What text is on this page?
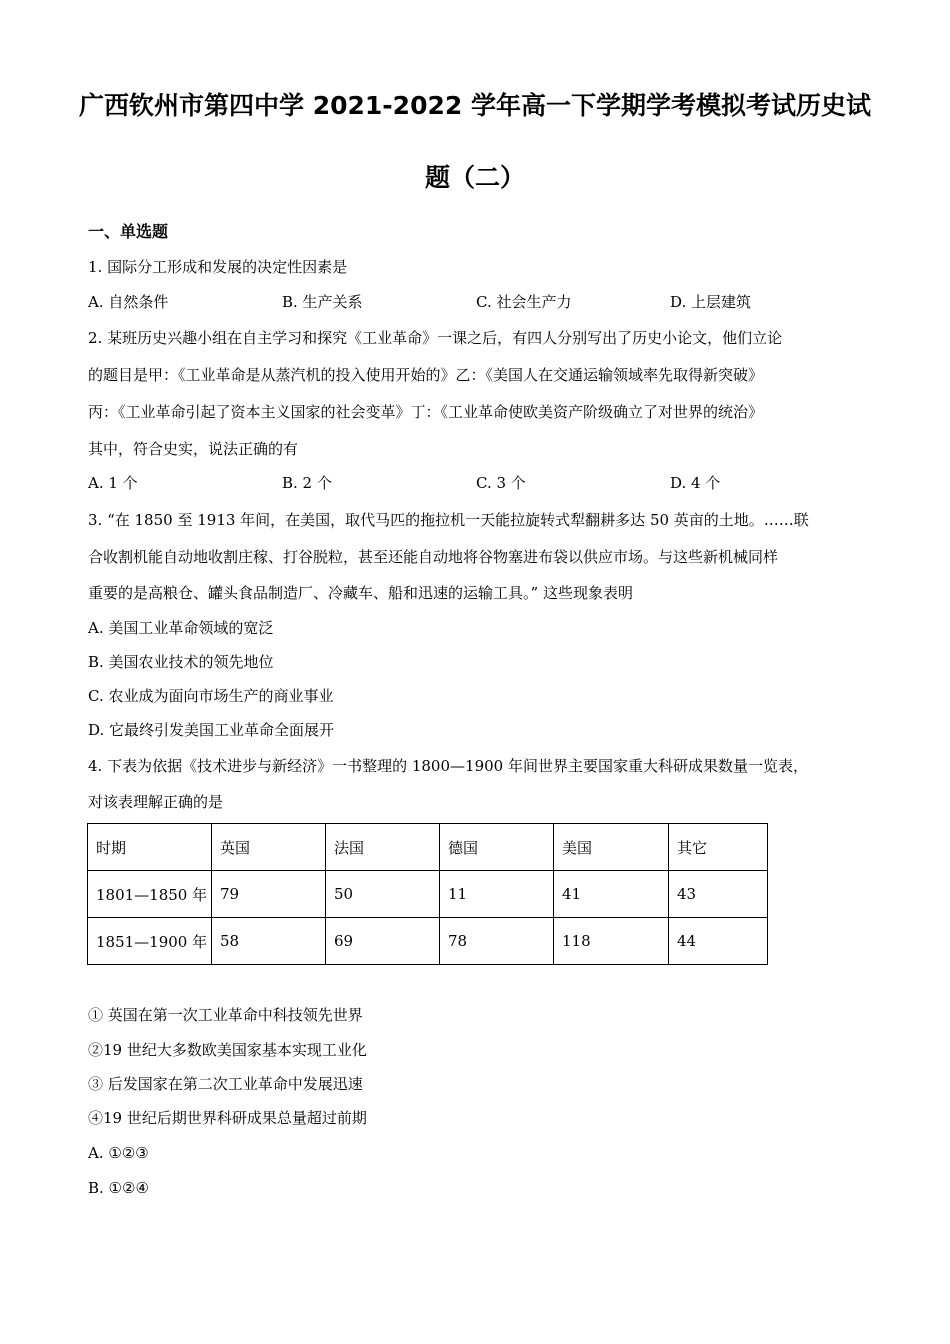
广西钦州市第四中学 2021-2022 学年高一下学期学考模拟考试历史试
题（二）
一、单选题
1. 国际分工形成和发展的决定性因素是
A. 自然条件	B. 生产关系	C. 社会生产力	D. 上层建筑
2. 某班历史兴趣小组在自主学习和探究《工业革命》一课之后，有四人分别写出了历史小论文，他们立论
的题目是甲：《工业革命是从蒸汽机的投入使用开始的》乙：《美国人在交通运输领域率先取得新突破》
丙：《工业革命引起了资本主义国家的社会变革》丁：《工业革命使欧美资产阶级确立了对世界的统治》
其中，符合史实，说法正确的有
A. 1 个	B. 2 个	C. 3 个	D. 4 个
3. “在 1850 至 1913 年间，在美国，取代马匹的拖拉机一天能拉旋转式犁翻耕多达 50 英亩的土地。……联
合收割机能自动地收割庄稼、打谷脱粒，甚至还能自动地将谷物塞进布袋以供应市场。与这些新机械同样
重要的是高粮仓、罐头食品制造厂、冷藏车、船和迅速的运输工具。” 这些现象表明
A. 美国工业革命领域的宽泛
B. 美国农业技术的领先地位
C. 农业成为面向市场生产的商业事业
D. 它最终引发美国工业革命全面展开
4. 下表为依据《技术进步与新经济》一书整理的 1800—1900 年间世界主要国家重大科研成果数量一览表，
对该表理解正确的是
时期	英国	法国	德国	美国	其它
1801—1850 年	79	50	11	41	43
1851—1900 年	58	69	78	118	44
① 英国在第一次工业革命中科技领先世界
②19 世纪大多数欧美国家基本实现工业化
③ 后发国家在第二次工业革命中发展迅速
④19 世纪后期世界科研成果总量超过前期
A. ①②③
B. ①②④
